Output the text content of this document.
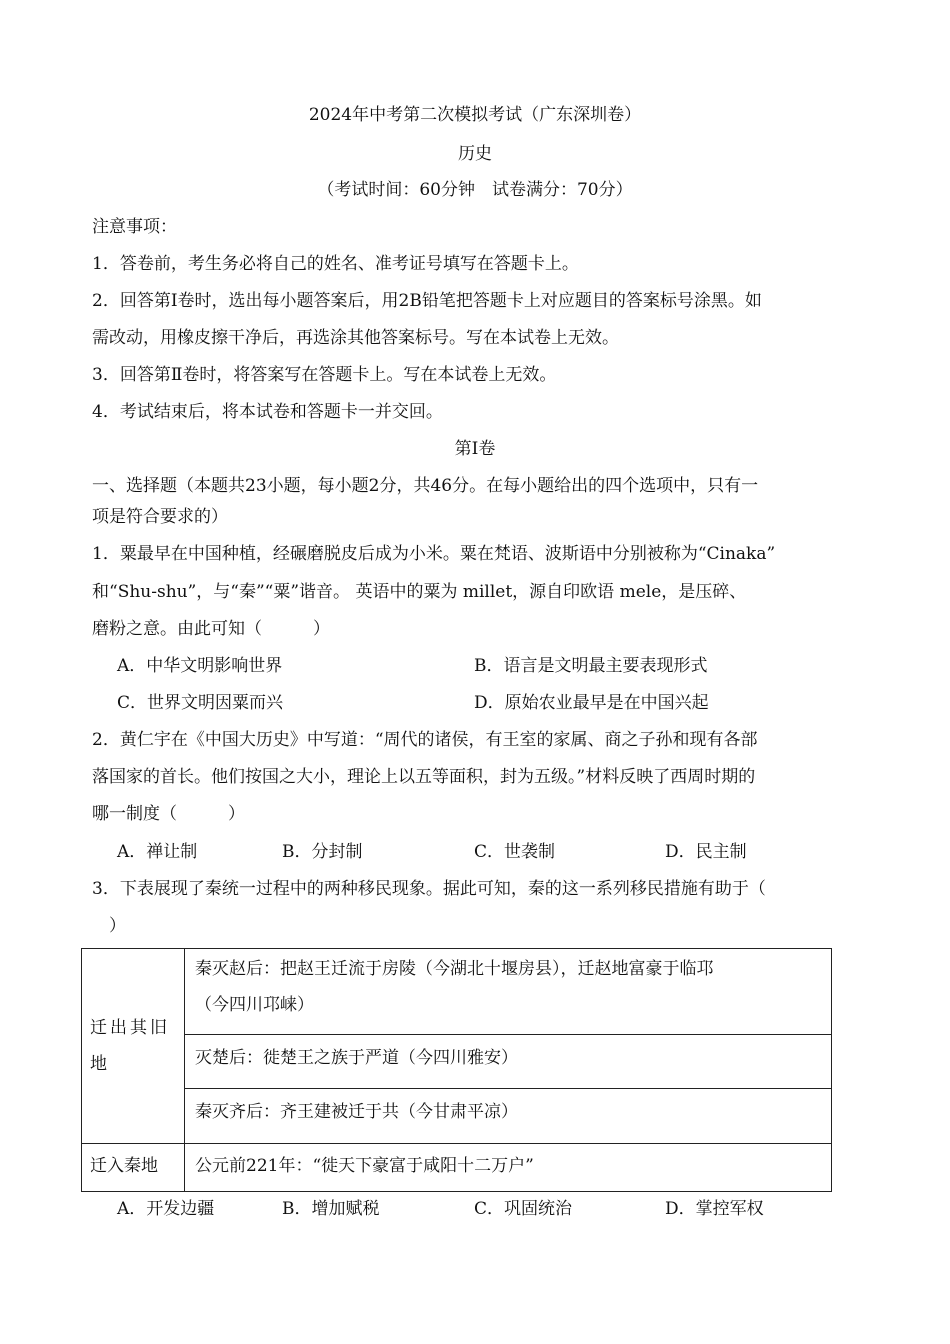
2024年中考第二次模拟考试（广东深圳卷）
历史
（考试时间：60分钟　试卷满分：70分）
注意事项：
1．答卷前，考生务必将自己的姓名、准考证号填写在答题卡上。
2．回答第Ⅰ卷时，选出每小题答案后，用2B铅笔把答题卡上对应题目的答案标号涂黑。如
需改动，用橡皮擦干净后，再选涂其他答案标号。写在本试卷上无效。
3．回答第Ⅱ卷时，将答案写在答题卡上。写在本试卷上无效。
4．考试结束后，将本试卷和答题卡一并交回。
第Ⅰ卷
一、选择题（本题共23小题，每小题2分，共46分。在每小题给出的四个选项中，只有一
项是符合要求的）
1．粟最早在中国种植，经碾磨脱皮后成为小米。粟在梵语、波斯语中分别被称为“Cinaka”
和“Shu-shu”，与“秦”“粟”谐音。 英语中的粟为 millet，源自印欧语 mele，是压碎、
磨粉之意。由此可知（　　　）
A．中华文明影响世界	B．语言是文明最主要表现形式
C．世界文明因粟而兴	D．原始农业最早是在中国兴起
2．黄仁宇在《中国大历史》中写道：“周代的诸侯，有王室的家属、商之子孙和现有各部
落国家的首长。他们按国之大小，理论上以五等面积，封为五级。”材料反映了西周时期的
哪一制度（　　　）
A．禅让制	B．分封制	C．世袭制	D．民主制
3．下表展现了秦统一过程中的两种移民现象。据此可知，秦的这一系列移民措施有助于（
　）
迁出其旧
地	秦灭赵后：把赵王迁流于房陵（今湖北十堰房县），迁赵地富豪于临邛
（今四川邛崃）
	灭楚后：徙楚王之族于严道（今四川雅安）
	秦灭齐后：齐王建被迁于共（今甘肃平凉）
迁入秦地	公元前221年：“徙天下豪富于咸阳十二万户”
A．开发边疆	B．增加赋税	C．巩固统治	D．掌控军权
